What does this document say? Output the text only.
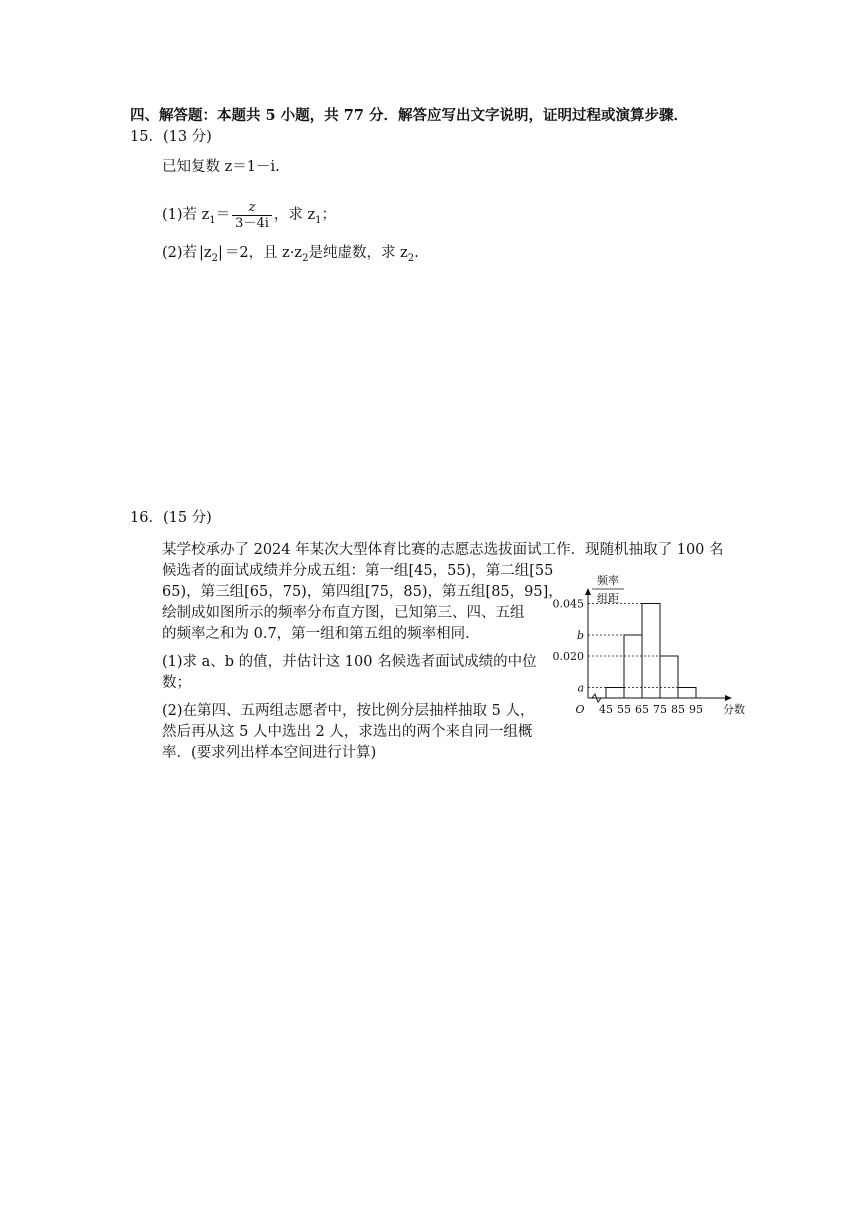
四、解答题：本题共 5 小题，共 77 分．解答应写出文字说明，证明过程或演算步骤．
15．(13 分)
已知复数 z＝1－i.
(1)若 $z_1= \frac{z}{3-4i}$ ，求 $z_1$；
(2)若 $|z_2| =2$，且 $z\cdot z_2$是纯虚数，求 $z_2$.
16．(15 分)
某学校承办了 2024 年某次大型体育比赛的志愿志选拔面试工作．现随机抽取了 100 名
候选者的面试成绩并分成五组：第一组[45，55)，第二组[55
65)，第三组[65，75)，第四组[75，85)，第五组[85，95]，
绘制成如图所示的频率分布直方图，已知第三、四、五组
的频率之和为 0.7，第一组和第五组的频率相同．
(1)求 a、b 的值，并估计这 100 名候选者面试成绩的中位
数；
(2)在第四、五两组志愿者中，按比例分层抽样抽取 5 人，
然后再从这 5 人中选出 2 人，求选出的两个来自同一组概
率．(要求列出样本空间进行计算)
a
0.020
b
0.045
45 55 65 75 85 95
O	分数
频率
组距
